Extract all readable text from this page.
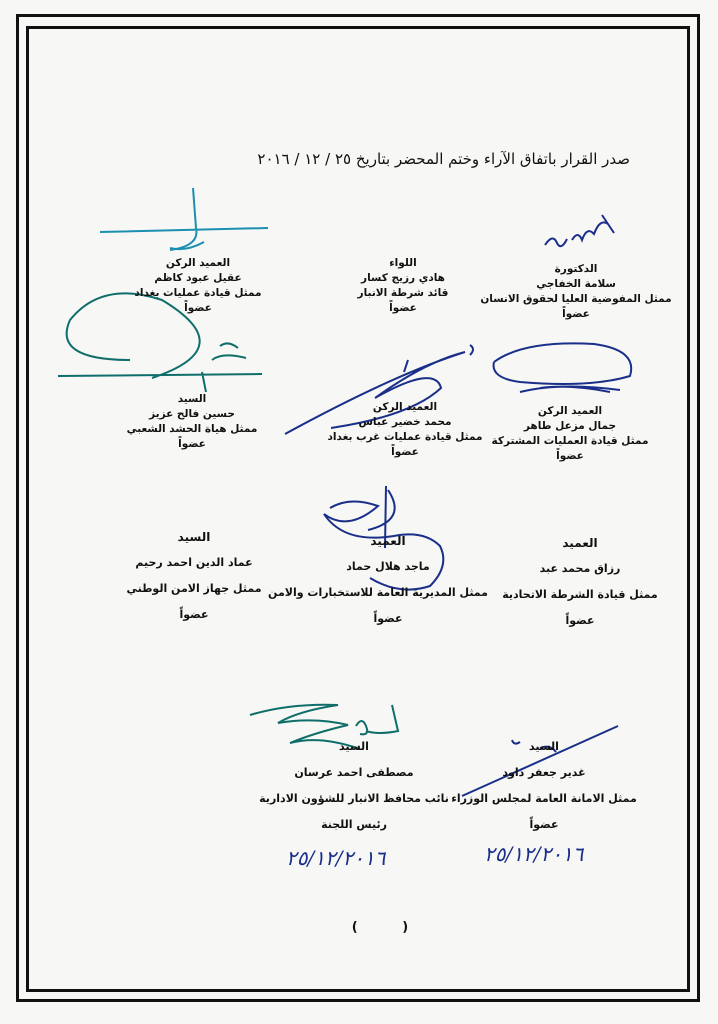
صدر القرار باتفاق الآراء وختم المحضر بتاريخ ٢٥ / ١٢ / ٢٠١٦
الدكتورة
سلامة الخفاجي
ممثل المفوضية العليا لحقوق الانسان
عضواً
اللواء
هادي رزيج كسار
قائد شرطة الانبار
عضواً
العميد الركن
عقيل عبود كاظم
ممثل قيادة عمليات بغداد
عضواً
العميد الركن
جمال مزعل طاهر
ممثل قيادة العمليات المشتركة
عضواً
العميد الركن
محمد خضير عباس
ممثل قيادة عمليات غرب بغداد
عضواً
السيد
حسين فالح عزيز
ممثل هياة الحشد الشعبي
عضواً
العميد
رزاق محمد عبد
ممثل قيادة الشرطة الاتحادية
عضواً
العميد
ماجد هلال حماد
ممثل المديرية العامة للاستخبارات والامن
عضواً
السيد
عماد الدين احمد رحيم
ممثل جهاز الامن الوطني
عضواً
السيد
غدير جعفر داود
ممثل الامانة العامة لمجلس الوزراء
عضواً
السيد
مصطفى احمد عرسان
نائب محافظ الانبار للشؤون الادارية
رئيس اللجنة
٢٥/١٢/٢٠١٦	٢٥/١٢/٢٠١٦
( )
